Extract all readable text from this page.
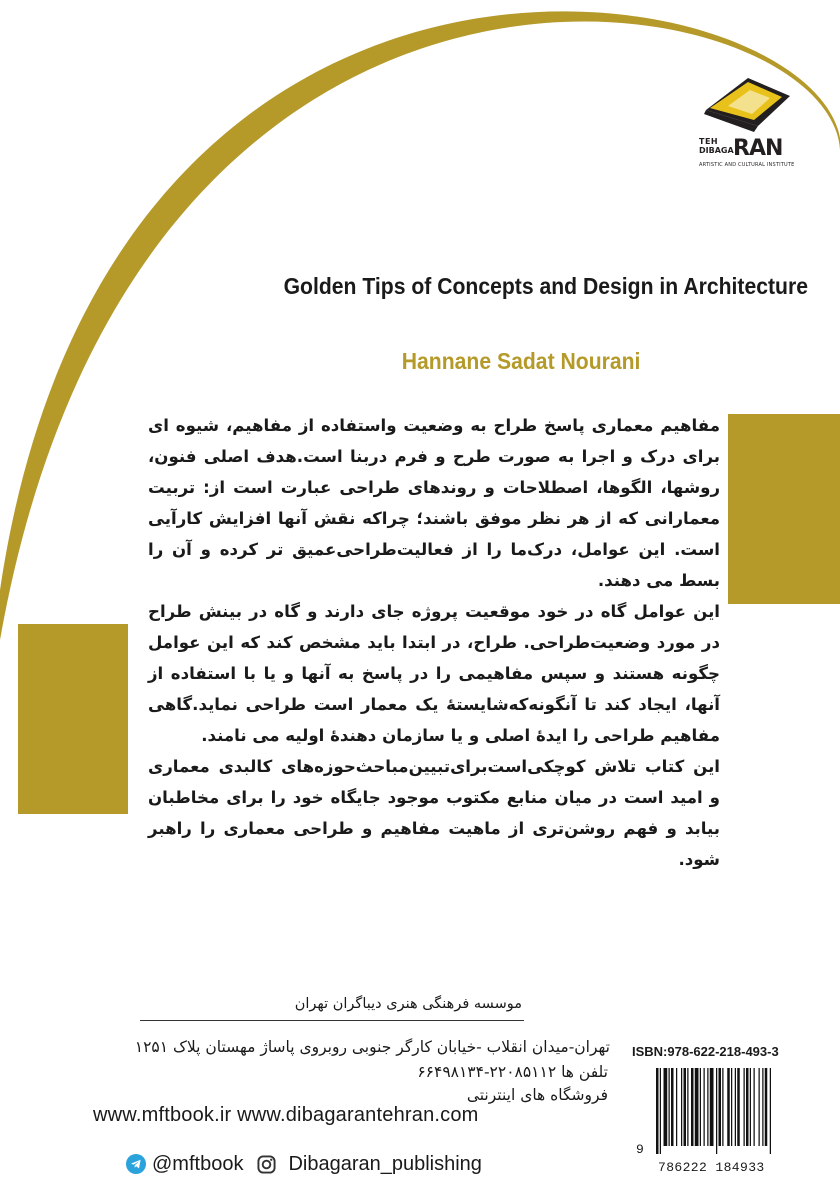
TEH
DIBAGA RAN
ARTISTIC AND CULTURAL INSTITUTE
Golden Tips of Concepts and Design in Architecture
Hannane Sadat Nourani

مفاهیم معماری پاسخ طراح به وضعیت واستفاده از مفاهیم، شیوه ای برای درک و اجرا به صورت طرح و فرم دربنا است.هدف اصلی فنون، روشها، الگوها، اصطلاحات و روندهای طراحی عبارت است از: تربیت معمارانی که از هر نظر موفق باشند؛ چراکه نقش آنها افزایش کارآیی است. این عوامل، درک‌ما را از فعالیت‌طراحی‌عمیق تر کرده و آن را بسط می دهند.

این عوامل گاه در خود موقعیت پروژه جای دارند و گاه در بینش طراح در مورد وضعیت‌طراحی. طراح، در ابتدا باید مشخص کند که این عوامل چگونه هستند و سپس مفاهیمی را در پاسخ به آنها و یا با استفاده از آنها، ایجاد کند تا آنگونه‌که‌شایستۀ یک معمار است طراحی نماید.گاهی مفاهیم طراحی را ایدۀ اصلی و یا سازمان دهندۀ اولیه می نامند.

این کتاب تلاش کوچکی‌است‌برای‌تبیین‌مباحث‌حوزه‌های کالبدی معماری و امید است در میان منابع مکتوب موجود جایگاه خود را برای مخاطبان بیابد و فهم روشن‌تری از ماهیت مفاهیم و طراحی معماری را راهبر شود.

موسسه فرهنگی هنری دیباگران تهران
تهران-میدان انقلاب -خیابان کارگر جنوبی روبروی پاساژ مهستان پلاک ۱۲۵۱
تلفن ها ۲۲۰۸۵۱۱۲-۶۶۴۹۸۱۳۴
فروشگاه های اینترنتی
www.mftbook.ir www.dibagarantehran.com
@mftbook Dibagaran_publishing
ISBN:978-622-218-493-3
9
786222 184933
